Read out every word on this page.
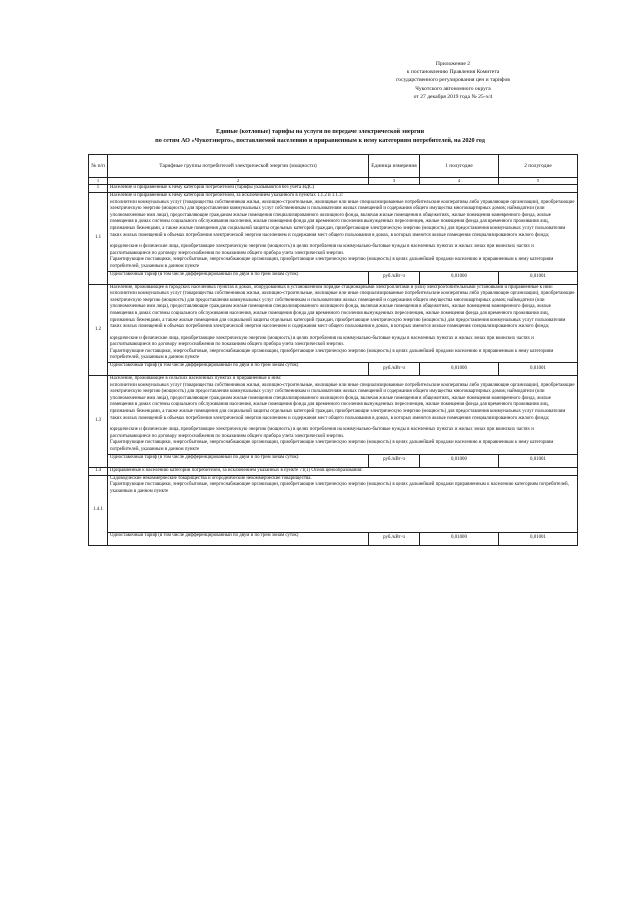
Приложение 2
к постановлению Правления Комитета
государственного регулирования цен и тарифов
Чукотского автономного округа
от 27 декабря 2019 года № 25-э/4
Единые (котловые) тарифы на услуги по передаче электрической энергии
по сетям АО «Чукотэнерго», поставляемой населению и приравненным к нему категориям потребителей, на 2020 год
№ п/п	Тарифные группы потребителей электрической энергии (мощности)	Единица измерения	1 полугодие	2 полугодие
1	2	3	4	5
1	Население и приравненные к нему категории потребителей (тарифы указываются без учета НДС)			
1.1	Население и приравненные к нему категории потребителей, за исключением указанного в пунктах 1.1.2 и 1.1.3:

исполнители коммунальных услуг (товарищества собственников жилья, жилищно-строительные, жилищные или иные специализированные потребительские кооперативы либо управляющие организации), приобретающие электрическую энергию (мощность) для предоставления коммунальных услуг собственникам и пользователям жилых помещений и содержания общего имущества многоквартирных домов; наймодатели (или уполномоченные ими лица), предоставляющие гражданам жилые помещения специализированного жилищного фонда, включая жилые помещения в общежитиях, жилые помещения маневренного фонда, жилые помещения в домах системы социального обслуживания населения, жилые помещения фонда для временного поселения вынужденных переселенцев, жилые помещения фонда для временного проживания лиц, признанных беженцами, а также жилые помещения для социальной защиты отдельных категорий граждан, приобретающие электрическую энергию (мощность) для предоставления коммунальных услуг пользователям таких жилых помещений в объемах потребления электрической энергии населением и содержания мест общего пользования в домах, в которых имеются жилые помещения специализированного жилого фонда;

юридические и физические лица, приобретающие электрическую энергию (мощность) в целях потребления на коммунально-бытовые нужды в населенных пунктах и жилых зонах при воинских частях и рассчитывающиеся по договору энергоснабжения по показаниям общего прибора учета электрической энергии.

Гарантирующие поставщики, энергосбытовые, энергоснабжающие организации, приобретающие электрическую энергию (мощность) в целях дальнейшей продажи населению и приравненным к нему категориям потребителей, указанным в данном пункте			

	Одноставочный тариф (в том числе дифференцированный по двум и по трем зонам суток)	руб./кВт·ч	0,01000	0,01001
1.2	Население, проживающее в городских населенных пунктах в домах, оборудованных в установленном порядке стационарными электроплитами и (или) электроотопительными установками и приравненные к ним:

исполнители коммунальных услуг (товарищества собственников жилья, жилищно-строительные, жилищные или иные специализированные потребительские кооперативы либо управляющие организации), приобретающие электрическую энергию (мощность) для предоставления коммунальных услуг собственникам и пользователям жилых помещений и содержания общего имущества многоквартирных домов; наймодатели (или уполномоченные ими лица), предоставляющие гражданам жилые помещения специализированного жилищного фонда, включая жилые помещения в общежитиях, жилые помещения маневренного фонда, жилые помещения в домах системы социального обслуживания населения, жилые помещения фонда для временного поселения вынужденных переселенцев, жилые помещения фонда для временного проживания лиц, признанных беженцами, а также жилые помещения для социальной защиты отдельных категорий граждан, приобретающие электрическую энергию (мощность) для предоставления коммунальных услуг пользователям таких жилых помещений в объемах потребления электрической энергии населением и содержания мест общего пользования в домах, в которых имеются жилые помещения специализированного жилого фонда;

юридические и физические лица, приобретающие электрическую энергию (мощность) в целях потребления на коммунально-бытовые нужды в населенных пунктах и жилых зонах при воинских частях и рассчитывающиеся по договору энергоснабжения по показаниям общего прибора учета электрической энергии.

Гарантирующие поставщики, энергосбытовые, энергоснабжающие организации, приобретающие электрическую энергию (мощность) в целях дальнейшей продажи населению и приравненным к нему категориям потребителей, указанным в данном пункте			

	Одноставочный тариф (в том числе дифференцированный по двум и по трем зонам суток)	руб./кВт·ч	0,01000	0,01001
1.3	Население, проживающее в сельских населенных пунктах и приравненные к ним:

исполнители коммунальных услуг (товарищества собственников жилья, жилищно-строительные, жилищные или иные специализированные потребительские кооперативы либо управляющие организации), приобретающие электрическую энергию (мощность) для предоставления коммунальных услуг собственникам и пользователям жилых помещений и содержания общего имущества многоквартирных домов; наймодатели (или уполномоченные ими лица), предоставляющие гражданам жилые помещения специализированного жилищного фонда, включая жилые помещения в общежитиях, жилые помещения маневренного фонда, жилые помещения в домах системы социального обслуживания населения, жилые помещения фонда для временного поселения вынужденных переселенцев, жилые помещения фонда для временного проживания лиц, признанных беженцами, а также жилые помещения для социальной защиты отдельных категорий граждан, приобретающие электрическую энергию (мощность) для предоставления коммунальных услуг пользователям таких жилых помещений в объемах потребления электрической энергии населением и содержания мест общего пользования в домах, в которых имеются жилые помещения специализированного жилого фонда;

юридические и физические лица, приобретающие электрическую энергию (мощность) в целях потребления на коммунально-бытовые нужды в населенных пунктах и жилых зонах при воинских частях и рассчитывающиеся по договору энергоснабжения по показаниям общего прибора учета электрической энергии.

Гарантирующие поставщики, энергосбытовые, энергоснабжающие организации, приобретающие электрическую энергию (мощность) в целях дальнейшей продажи населению и приравненным к нему категориям потребителей, указанным в данном пункте			

	Одноставочный тариф (в том числе дифференцированный по двум и по трем зонам суток)	руб./кВт·ч	0,01000	0,01001
1.4	Приравненные к населению категории потребителей, за исключением указанных в пункте 71(1) Основ ценообразования:			
1.4.1	Садоводческие некоммерческие товарищества и огороднические некоммерческие товарищества.

Гарантирующие поставщики, энергосбытовые, энергоснабжающие организации, приобретающие электрическую энергию (мощность) в целях дальнейшей продажи приравненным к населению категориям потребителей, указанным в данном пункте			

	Одноставочный тариф (в том числе дифференцированный по двум и по трем зонам суток)	руб./кВт·ч	0,01000	0,01001
